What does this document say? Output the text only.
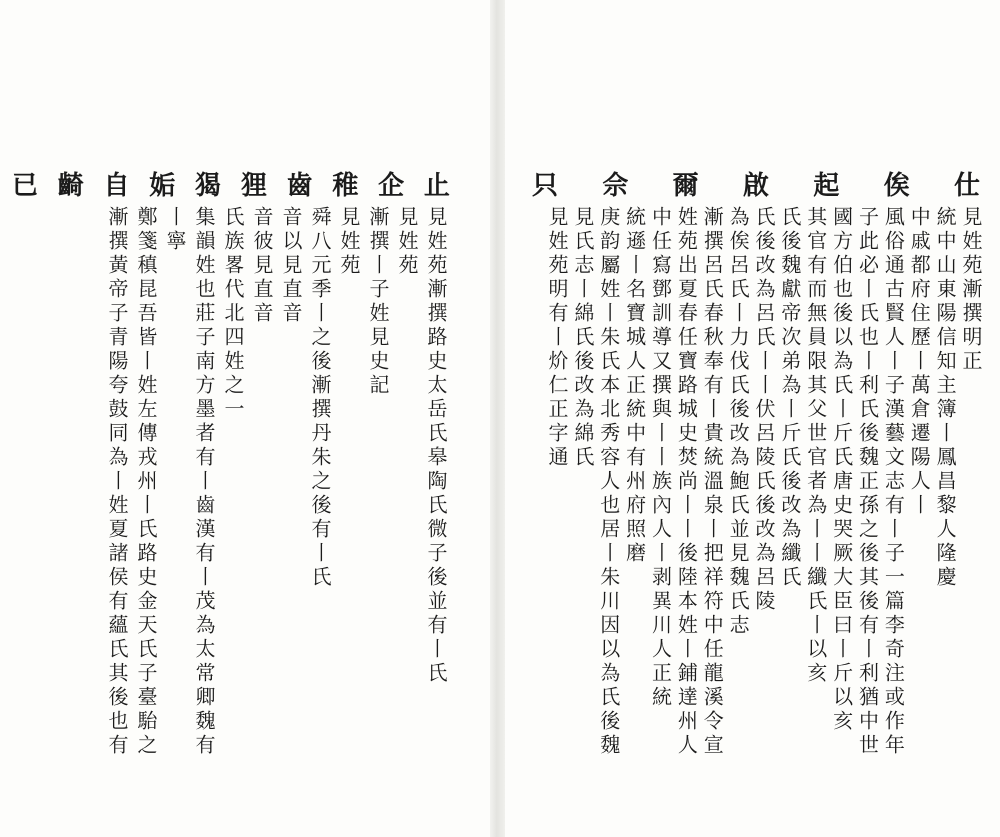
仕
俟
起
啟
爾
佘
只
見姓苑漸撰明正
統中山東陽信知主簿丨鳳昌黎人隆慶
中戚都府住歷丨萬倉遷陽人丨
風俗通古賢人丨子漢藝文志有丨子一篇李奇注或作年
子此必丨氏也丨利氏後魏正孫之後其後有丨利猶中世
國方伯也後以為氏丨斤氏唐史哭厥大臣曰丨斤以亥
其官有而無員限其父世官者為丨丨纖氏丨以亥
氏後魏獻帝次弟為丨斤氏後改為纖氏
氏後改為呂氏丨丨伏呂陵氏後改為呂陵
為俟呂氏丨力伐氏後改為鮑氏並見魏氏志
漸撰呂氏春秋奉有丨貴統溫泉丨把祥符中任龍溪令宣
姓苑出夏春任寶路城史焚尚丨丨後陸本姓丨鋪達州人
中任寫鄧訓導又撰與丨丨族內人丨剥異川人正統
統遜丨名寶城人正統中有州府照磨
庚韵屬姓丨朱氏本北秀容人也居丨朱川因以為氏後魏
見氏志丨綿氏後改為綿氏
見姓苑明有丨炌仁正字通
止
企
稚
齒
狸
猲
姤
自
齮
已
見姓苑漸撰路史太岳氏皋陶氏微子後並有丨氏
見姓苑
漸撰丨子姓見史記
見姓苑
舜八元季丨之後漸撰丹朱之後有丨氏
音以見直音
音彼見直音
氏族畧代北四姓之一
集韻姓也莊子南方墨者有丨齒漢有丨茂為太常卿魏有
丨寧
鄭箋稹昆吾皆丨姓左傳戎州丨氏路史金天氏子臺駘之
漸撰黃帝子青陽夸鼓同為丨姓夏諸侯有蘊氏其後也有
